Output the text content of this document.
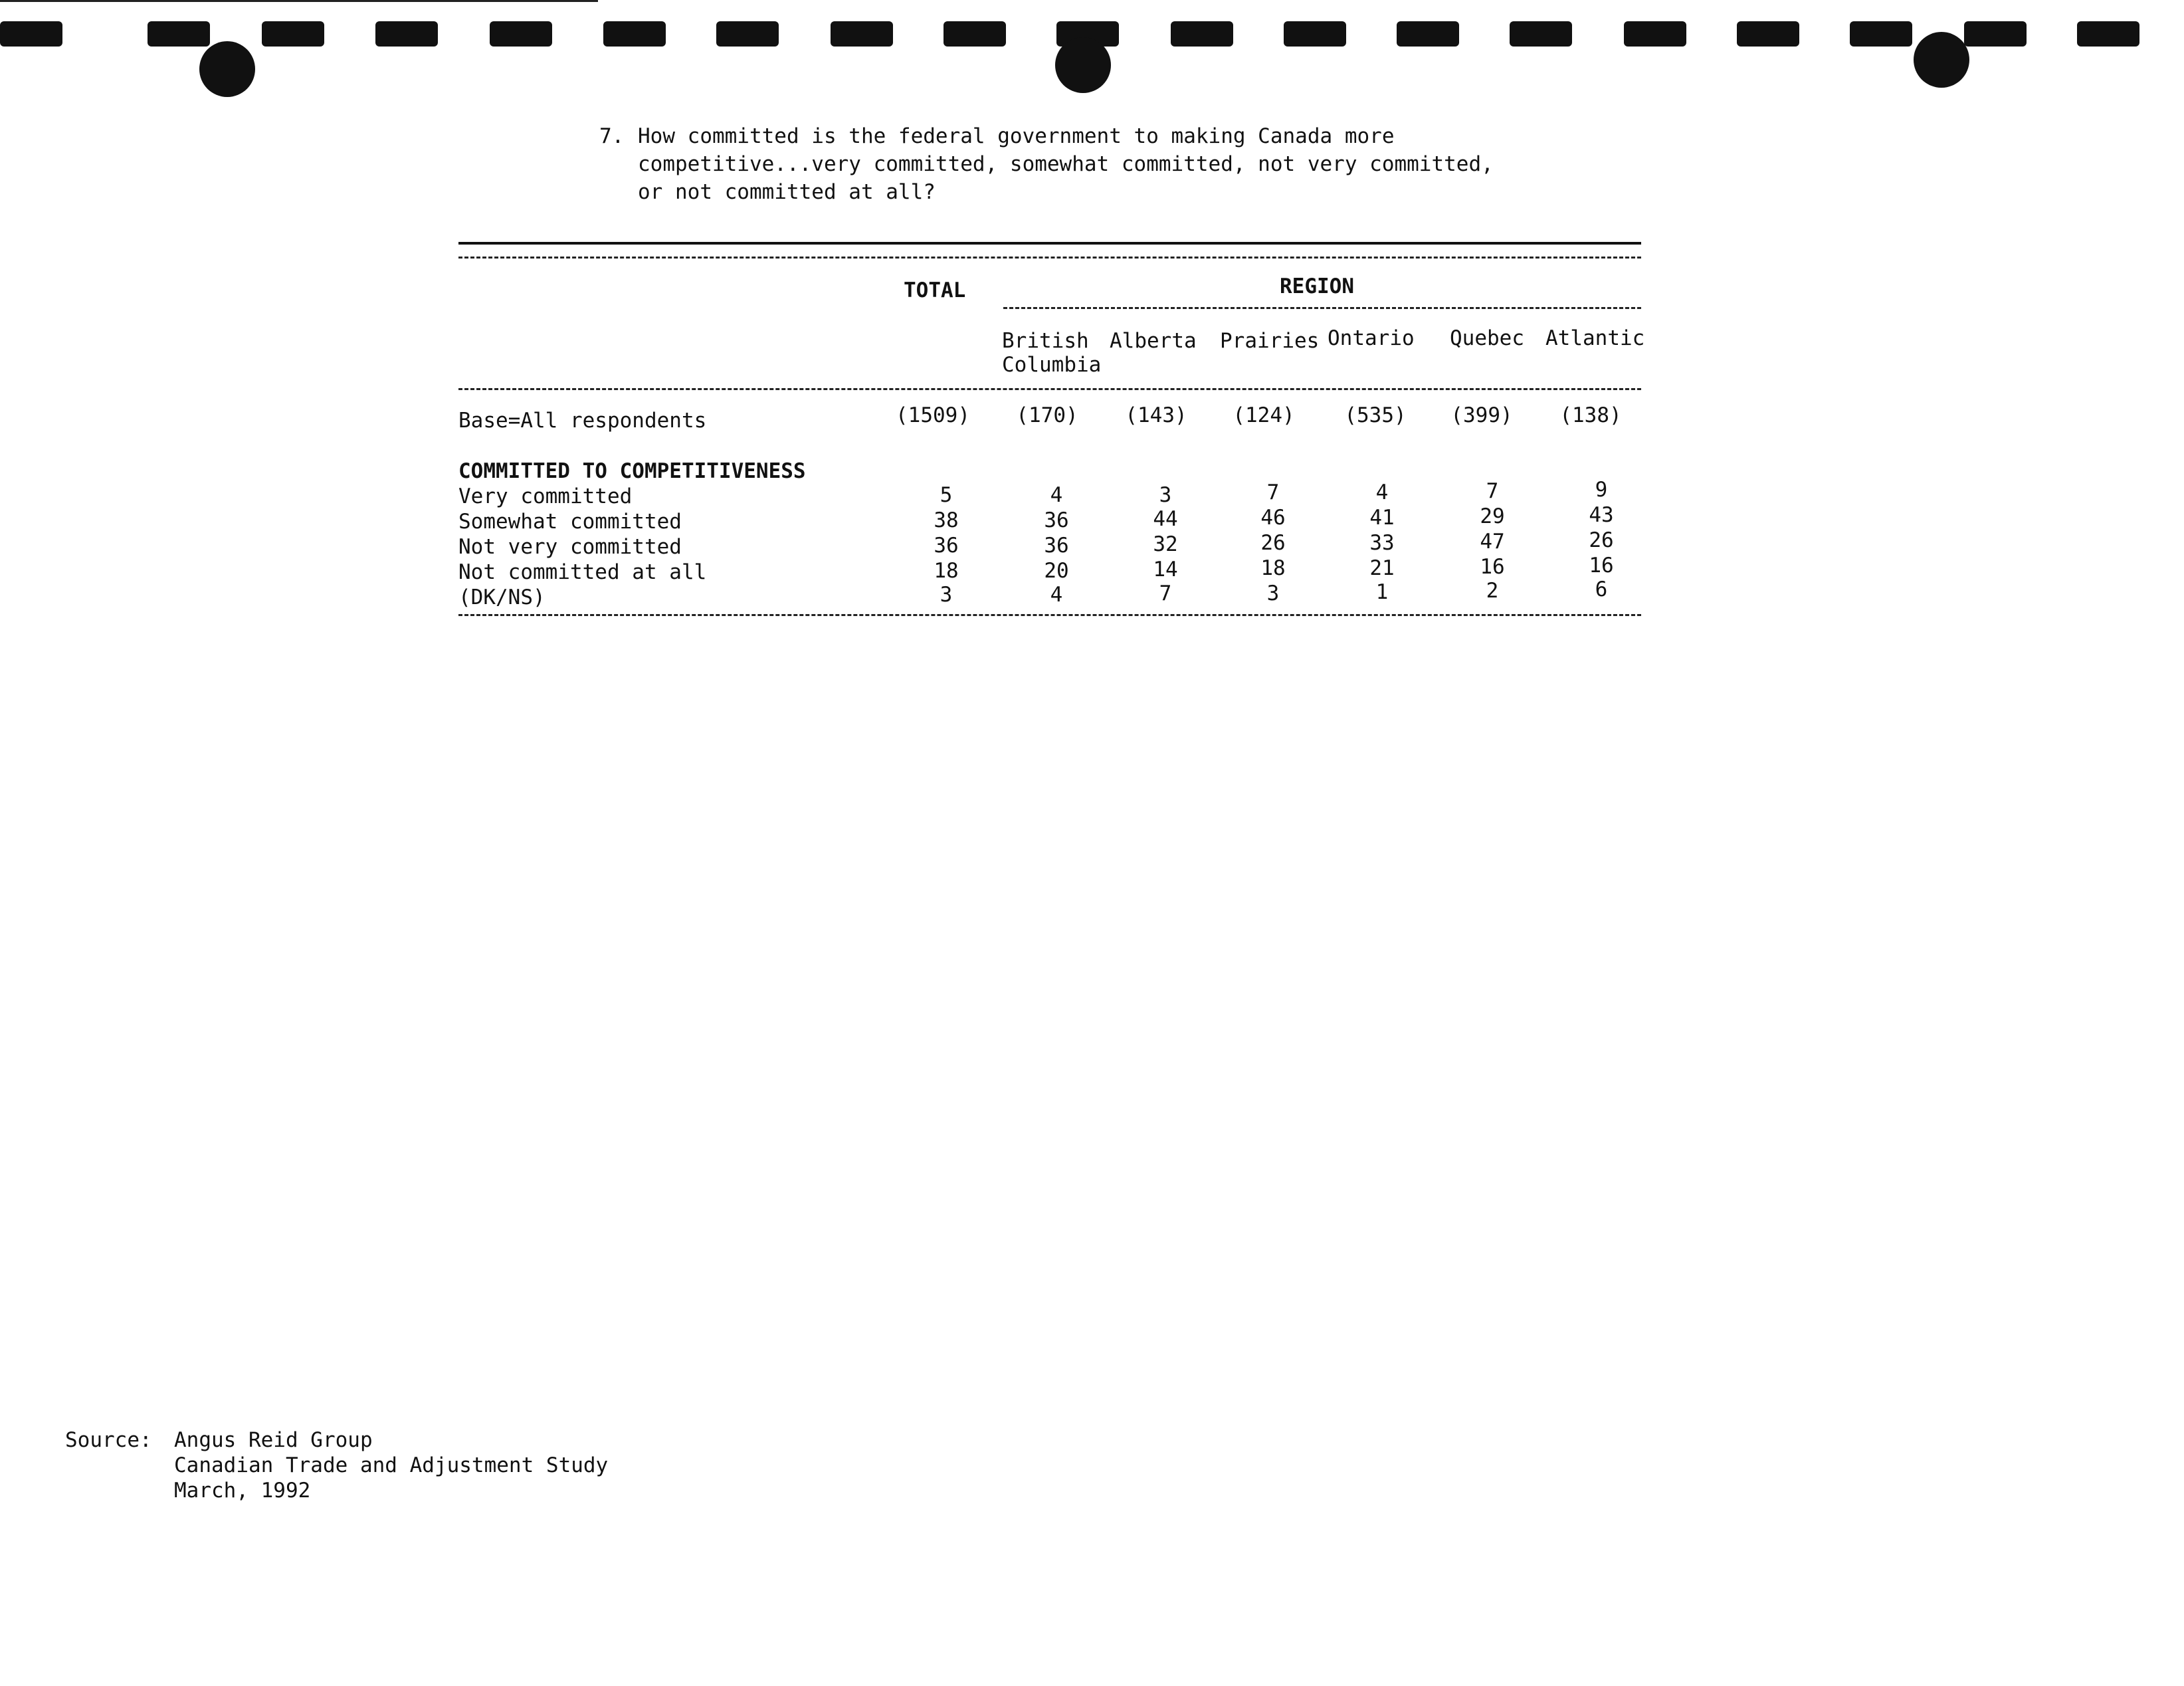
7. How committed is the federal government to making Canada more
competitive...very committed, somewhat committed, not very committed,
or not committed at all?
TOTAL	REGION
British
Columbia
Alberta Prairies Ontario Quebec Atlantic
Base=All respondents	(1509)	(170)	(143)	(124)	(535)	(399)	(138)
COMMITTED TO COMPETITIVENESS
Very committed	5	4	3	7	4	7	9
Somewhat committed	38	36	44	46	41	29	43
Not very committed	36	36	32	26	33	47	26
Not committed at all	18	20	14	18	21	16	16
(DK/NS)	3	4	7	3	1	2	6
Source: Angus Reid Group
Canadian Trade and Adjustment Study
March, 1992
